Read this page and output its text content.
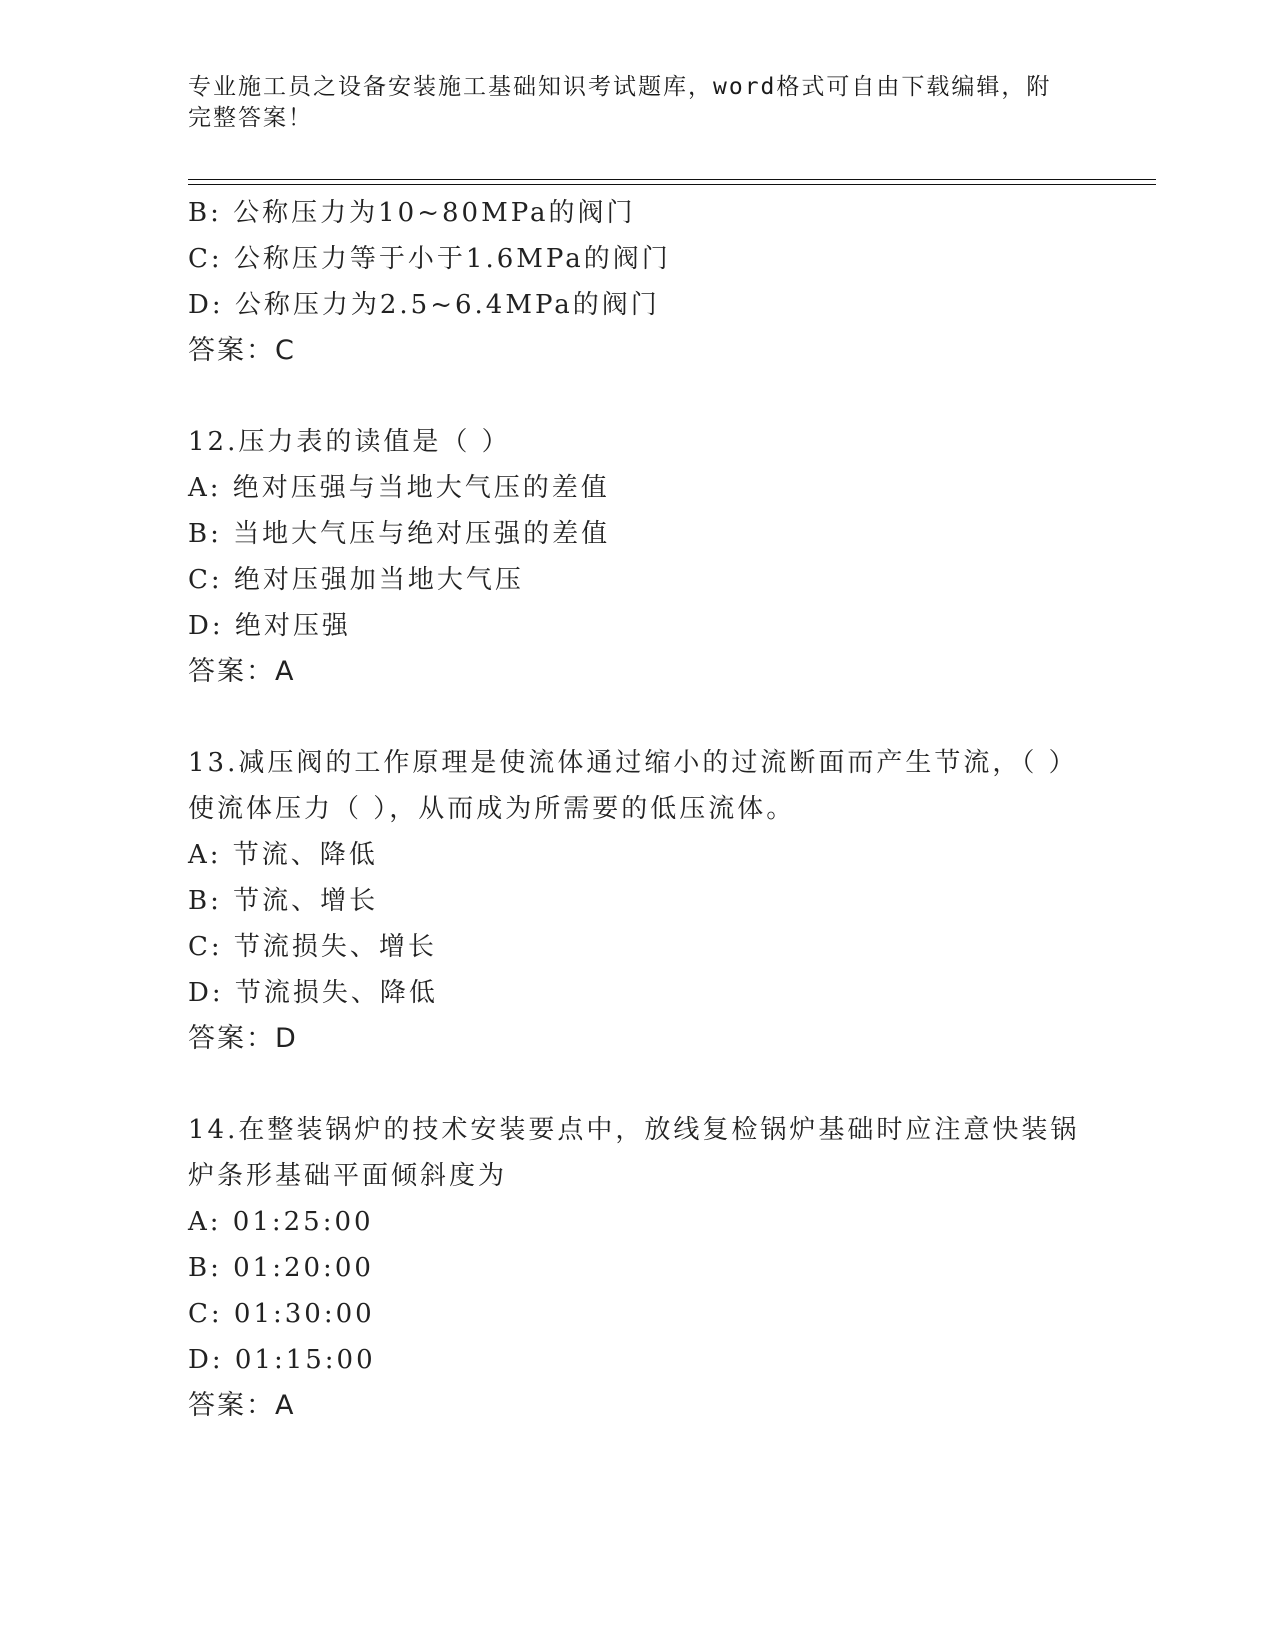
专业施工员之设备安装施工基础知识考试题库，word格式可自由下载编辑，附完整答案！
B: 公称压力为10~80MPa的阀门
C: 公称压力等于小于1.6MPa的阀门
D: 公称压力为2.5~6.4MPa的阀门
答案：C
12.压力表的读值是（ ）
A: 绝对压强与当地大气压的差值
B: 当地大气压与绝对压强的差值
C: 绝对压强加当地大气压
D: 绝对压强
答案：A
13.减压阀的工作原理是使流体通过缩小的过流断面而产生节流，（ ）使流体压力（ ），从而成为所需要的低压流体。
A: 节流、降低
B: 节流、增长
C: 节流损失、增长
D: 节流损失、降低
答案：D
14.在整装锅炉的技术安装要点中，放线复检锅炉基础时应注意快装锅炉条形基础平面倾斜度为
A: 01:25:00
B: 01:20:00
C: 01:30:00
D: 01:15:00
答案：A
